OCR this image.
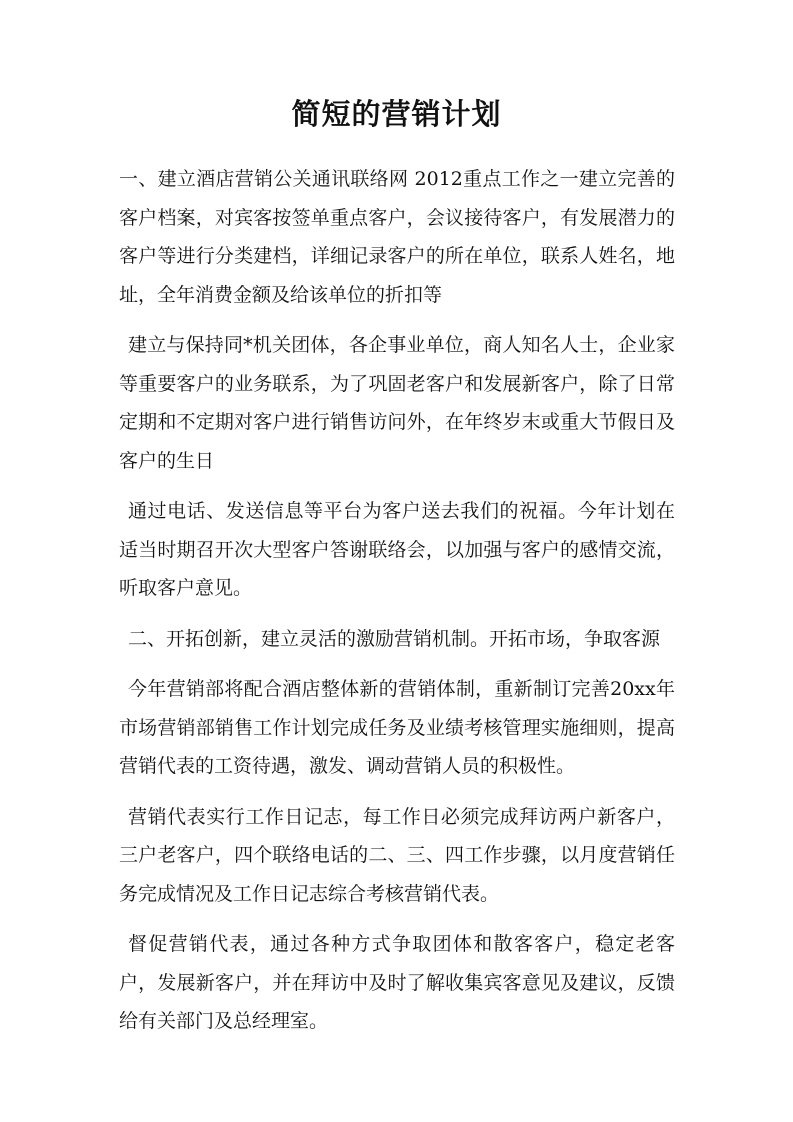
简短的营销计划

一、建立酒店营销公关通讯联络网 2012重点工作之一建立完善的客户档案，对宾客按签单重点客户，会议接待客户，有发展潜力的客户等进行分类建档，详细记录客户的所在单位，联系人姓名，地址，全年消费金额及给该单位的折扣等

建立与保持同*机关团体，各企事业单位，商人知名人士，企业家等重要客户的业务联系，为了巩固老客户和发展新客户，除了日常定期和不定期对客户进行销售访问外，在年终岁末或重大节假日及客户的生日

通过电话、发送信息等平台为客户送去我们的祝福。今年计划在适当时期召开次大型客户答谢联络会，以加强与客户的感情交流，听取客户意见。

二、开拓创新，建立灵活的激励营销机制。开拓市场，争取客源

今年营销部将配合酒店整体新的营销体制，重新制订完善20xx年市场营销部销售工作计划完成任务及业绩考核管理实施细则，提高营销代表的工资待遇，激发、调动营销人员的积极性。

营销代表实行工作日记志，每工作日必须完成拜访两户新客户，三户老客户，四个联络电话的二、三、四工作步骤，以月度营销任务完成情况及工作日记志综合考核营销代表。

督促营销代表，通过各种方式争取团体和散客客户，稳定老客户，发展新客户，并在拜访中及时了解收集宾客意见及建议，反馈给有关部门及总经理室。
